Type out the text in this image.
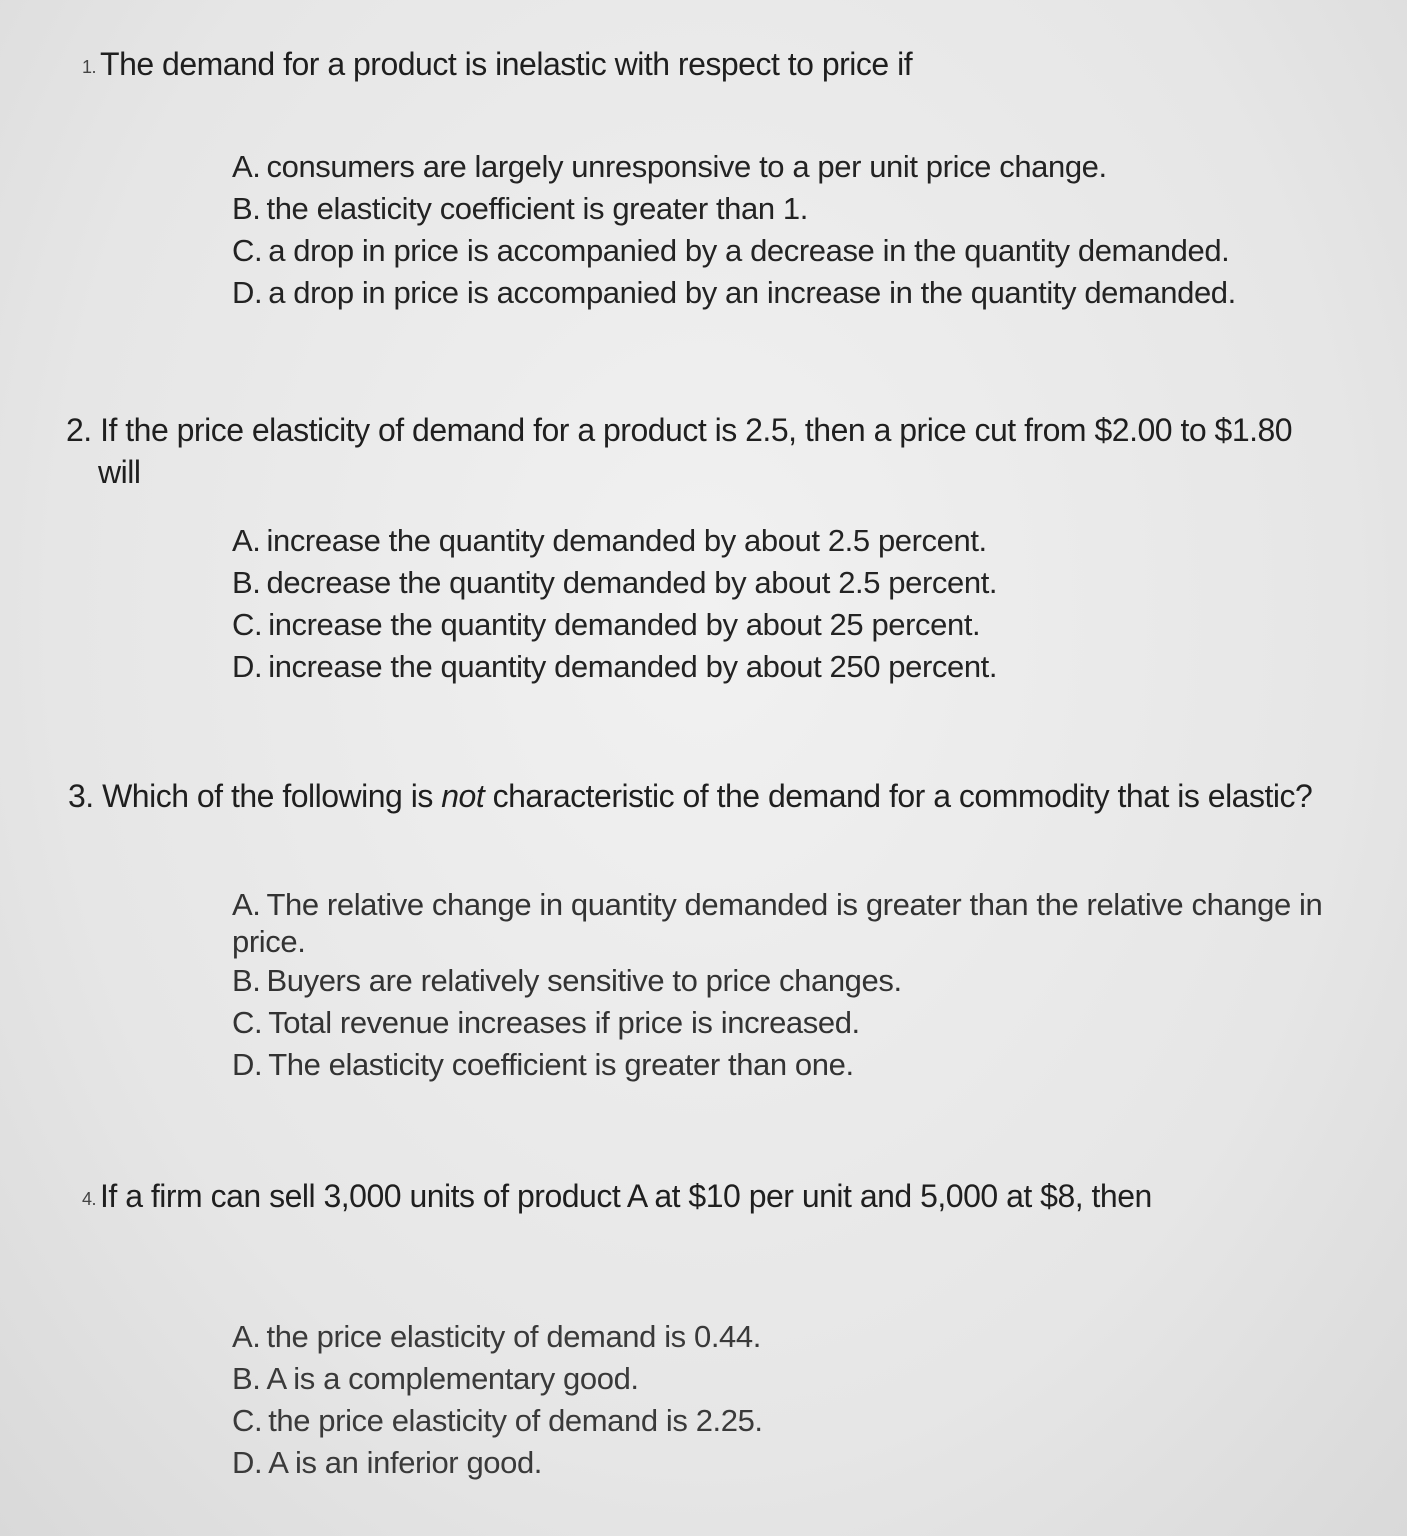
1. The demand for a product is inelastic with respect to price if
A. consumers are largely unresponsive to a per unit price change.
B. the elasticity coefficient is greater than 1.
C. a drop in price is accompanied by a decrease in the quantity demanded.
D. a drop in price is accompanied by an increase in the quantity demanded.
2. If the price elasticity of demand for a product is 2.5, then a price cut from $2.00 to $1.80
will
A. increase the quantity demanded by about 2.5 percent.
B. decrease the quantity demanded by about 2.5 percent.
C. increase the quantity demanded by about 25 percent.
D. increase the quantity demanded by about 250 percent.
3. Which of the following is not characteristic of the demand for a commodity that is elastic?
A. The relative change in quantity demanded is greater than the relative change in price.
B. Buyers are relatively sensitive to price changes.
C. Total revenue increases if price is increased.
D. The elasticity coefficient is greater than one.
4. If a firm can sell 3,000 units of product A at $10 per unit and 5,000 at $8, then
A. the price elasticity of demand is 0.44.
B. A is a complementary good.
C. the price elasticity of demand is 2.25.
D. A is an inferior good.
